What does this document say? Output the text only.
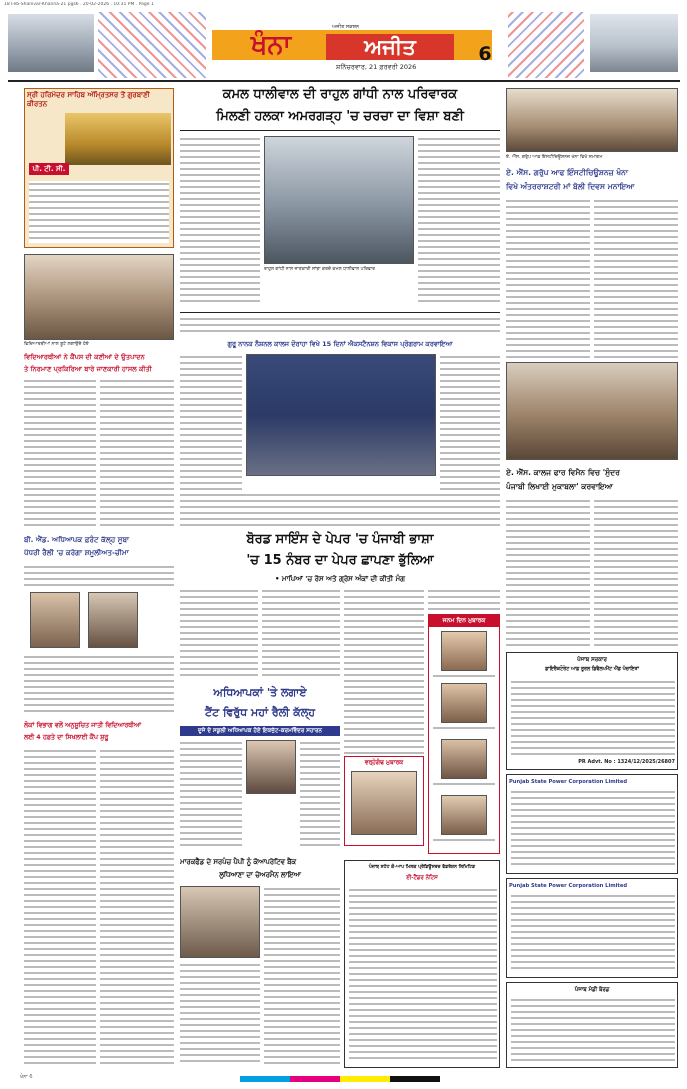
18 Feb-Shanivar-Khanna-21 pgs6 . 20-02-2026 . 10:31 PM . Page 1
ਖੰਨਾ	ਅਜੀਤ
ਅਜੀਤ ਸਕਸ਼ਨ
ਸ਼ਨਿੱਚਰਵਾਰ, 21 ਫ਼ਰਵਰੀ 2026
6
ਸ੍ਰੀ ਹਰਿਮੰਦਰ ਸਾਹਿਬ ਅੰਮ੍ਰਿਤਸਰ ਤੋਂ ਗੁਰਬਾਣੀ ਕੀਰਤਨ
ਪੀ. ਟੀ. ਸੀ.
ਕਮਲ ਧਾਲੀਵਾਲ ਦੀ ਰਾਹੁਲ ਗਾਂਧੀ ਨਾਲ ਪਰਿਵਾਰਕ
ਮਿਲਣੀ ਹਲਕਾ ਅਮਰਗੜ੍ਹ 'ਚ ਚਰਚਾ ਦਾ ਵਿਸ਼ਾ ਬਣੀ
ਰਾਹੁਲ ਗਾਂਧੀ ਨਾਲ ਜਾਣਕਾਰੀ ਸਾਂਝਾ ਕਰਦੇ ਕਮਲ ਧਾਲੀਵਾਲ ਪਰਿਵਾਰ
ਵਿਦਿਆਰਥੀਆਂ ਨਾਲ ਬੂਟੇ ਲਗਾਉਂਦੇ ਹੋਏ
ਵਿਦਿਆਰਥੀਆਂ ਨੇ ਕੈਂਪਸ ਦੀ ਕਣੀਆਂ ਦੇ ਉਤਪਾਦਨ
ਤੇ ਨਿਰਮਾਣ ਪ੍ਰਕਿਰਿਆ ਬਾਰੇ ਜਾਣਕਾਰੀ ਹਾਸਲ ਕੀਤੀ
ਬੀ. ਐੱਡ. ਅਧਿਆਪਕ ਫ਼ਰੰਟ ਕੱਲ੍ਹ ਸੂਬਾ
ਪੱਧਰੀ ਰੈਲੀ 'ਚ ਕਰੇਗਾ ਸ਼ਮੂਲੀਅਤ-ਚੀਮਾ
ਲੋਕਾਂ ਵਿਭਾਗ ਵਲੋਂ ਅਨੁਸੂਚਿਤ ਜਾਤੀ ਵਿਦਿਆਰਥੀਆਂ
ਲਈ 4 ਹਫ਼ਤੇ ਦਾ ਸਿਖਲਾਈ ਕੈਂਪ ਸ਼ੁਰੂ
ਗੁਰੂ ਨਾਨਕ ਨੈਸ਼ਨਲ ਕਾਲਜ ਦੋਰਾਹਾ ਵਿਖੇ 15 ਦਿਨਾਂ ਐਕਸਟੈਨਸ਼ਨ ਵਿਕਾਸ ਪ੍ਰੋਗਰਾਮ ਕਰਵਾਇਆ
ਬੋਰਡ ਸਾਇੰਸ ਦੇ ਪੇਪਰ 'ਚ ਪੰਜਾਬੀ ਭਾਸ਼ਾ
'ਚ 15 ਨੰਬਰ ਦਾ ਪੇਪਰ ਛਾਪਣਾ ਭੁੱਲਿਆ
• ਮਾਪਿਆਂ 'ਚ ਰੋਸ ਅਤੇ ਗ੍ਰੇਸ ਅੰਕਾਂ ਦੀ ਕੀਤੀ ਮੰਗ
ਜਨਮ ਦਿਨ ਮੁਬਾਰਕ
ਅਧਿਆਪਕਾਂ 'ਤੇ ਲਗਾਏ
ਟੈਂਟ ਵਿਰੁੱਧ ਮਹਾਂ ਰੈਲੀ ਕੱਲ੍ਹ
ਦੂਜੇ ਦੇ ਸਕੂਲੀ ਅਧਿਆਪਕ ਹੋਏ ਇਕਜੁੱਟ-ਕਰਮਵਿੰਦਰ ਸਹਾਰਨ
ਵਰ੍ਹੇਗੰਢ ਮੁਬਾਰਕ
ਮਾਰਕਫੈੱਡ ਦੇ ਸਰਪੰਚ ਪੈਪੀ ਨੂੰ ਕੋਆਪਰੇਟਿਵ ਬੈਂਕ
ਲੁਧਿਆਣਾ ਦਾ ਚੇਅਰਮੈਨ ਲਾਇਆ
ਪੰਜਾਬ ਸਟੇਟ ਕੋ-ਆਪ ਮਿਲਕ ਪ੍ਰੋਡਿਊਸਰਜ਼ ਫੈਡਰੇਸ਼ਨ ਲਿਮਿਟਿਡ
ਈ-ਟੈਂਡਰ ਨੋਟਿਸ
ਏ. ਐੱਸ. ਗਰੁੱਪ ਆਫ਼ ਇੰਸਟੀਚਿਊਸ਼ਨਜ਼ ਖੰਨਾ ਵਿਖੇ ਸਮਾਗਮ
ਏ. ਐੱਸ. ਗਰੁੱਪ ਆਫ ਇੰਸਟੀਚਿਊਸ਼ਨਜ਼ ਖੰਨਾ
ਵਿਖੇ ਅੰਤਰਰਾਸ਼ਟਰੀ ਮਾਂ ਬੋਲੀ ਦਿਵਸ ਮਨਾਇਆ
ਏ. ਐੱਸ. ਕਾਲਜ ਫਾਰ ਵਿਮੈਨ ਵਿਚ 'ਸੁੰਦਰ
ਪੰਜਾਬੀ ਲਿਖਾਈ ਮੁਕਾਬਲਾ' ਕਰਵਾਇਆ
ਪੰਜਾਬ ਸਰਕਾਰ
ਡਾਇਰੈਕਟੋਰੇਟ ਆਫ਼ ਰੂਰਲ ਡਿਵੈਲਪਮੈਂਟ ਐਂਡ ਪੰਚਾਇਤਾਂ
PR Advt. No : 1324/12/2025/26807
Punjab State Power Corporation Limited
Punjab State Power Corporation Limited
ਪੰਜਾਬ ਮੰਡੀ ਬੋਰਡ
ਖੰਨਾ 6
